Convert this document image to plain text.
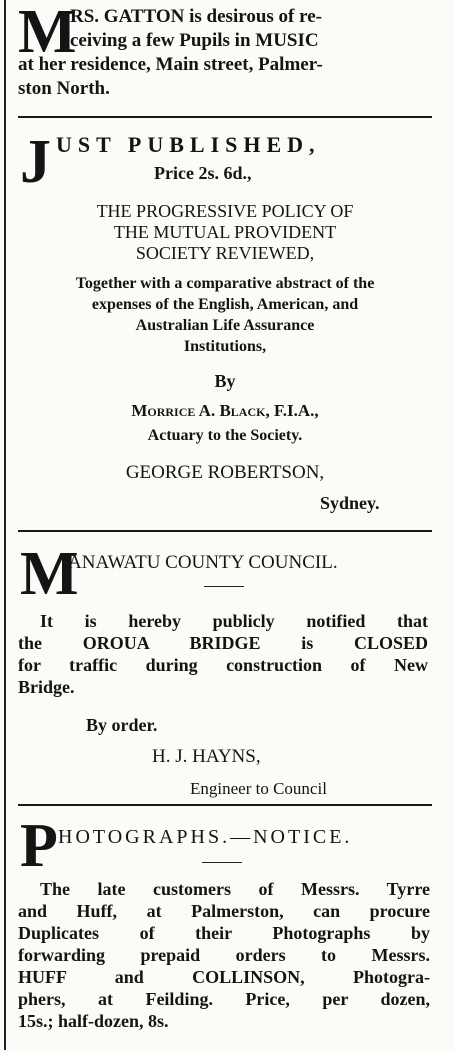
M
RS. GATTON is desirous of re-
ceiving a few Pupils in MUSIC
at her residence, Main street, Palmer-
ston North.
J UST PUBLISHED,
Price 2s. 6d.,
THE PROGRESSIVE POLICY OF
THE MUTUAL PROVIDENT
SOCIETY REVIEWED,
Together with a comparative abstract of the
expenses of the English, American, and
Australian Life Assurance
Institutions,
By
Morrice A. Black, F.I.A.,
Actuary to the Society.
GEORGE ROBERTSON,
Sydney.
M
ANAWATU COUNTY COUNCIL.
It is hereby publicly notified that
the OROUA BRIDGE is CLOSED
for traffic during construction of New
Bridge.
By order.
H. J. HAYNS,
Engineer to Council
P HOTOGRAPHS.—NOTICE.
The late customers of Messrs. Tyrre
and Huff, at Palmerston, can procure
Duplicates of their Photographs by
forwarding prepaid orders to Messrs.
HUFF and COLLINSON, Photogra-
phers, at Feilding. Price, per dozen,
15s.; half-dozen, 8s.
